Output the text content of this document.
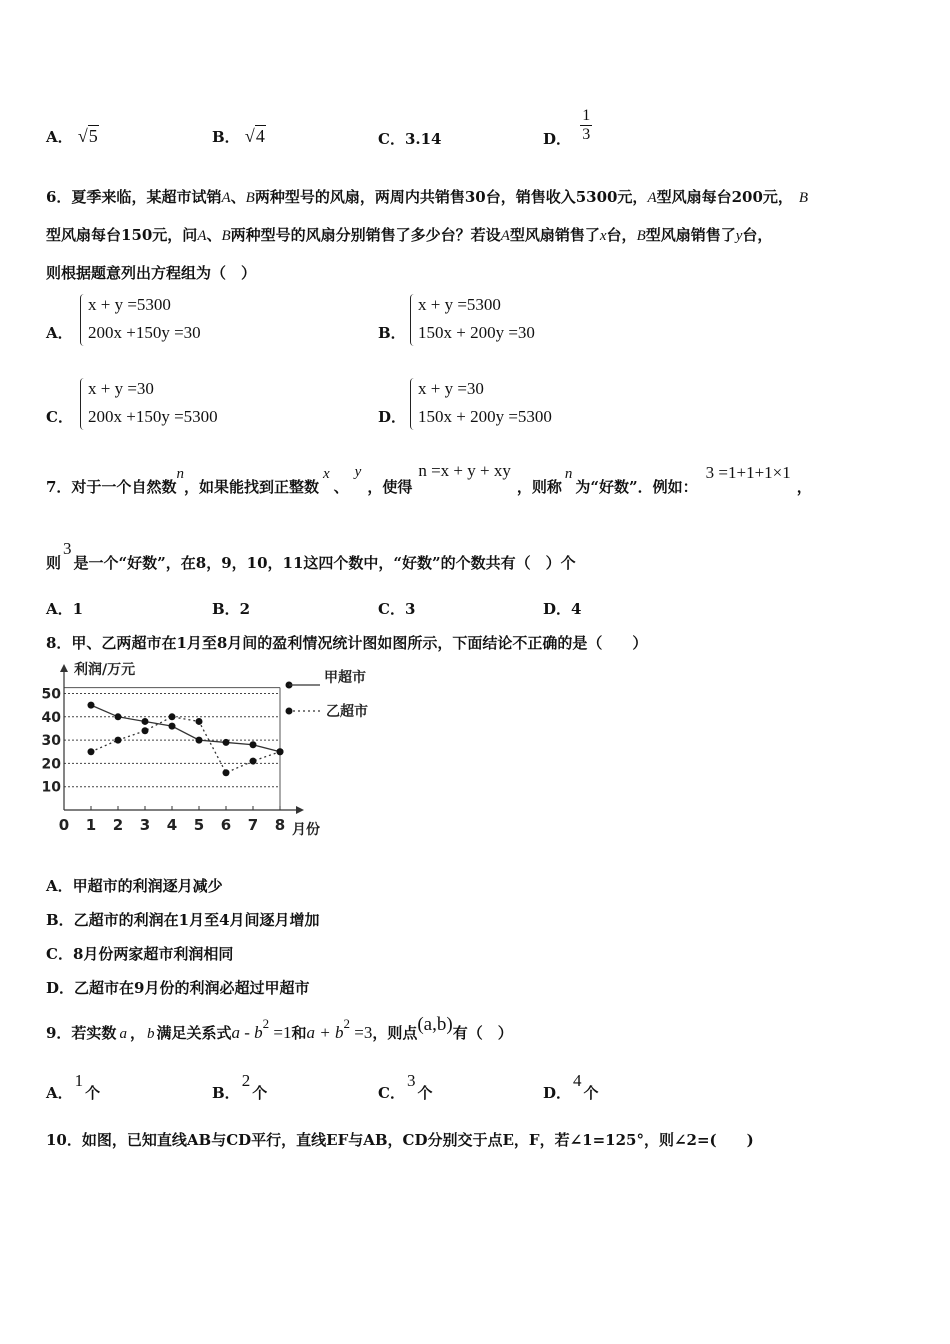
A． √5	B． √4	C．3.14	D． $\frac{1}{3}$
6．夏季来临，某超市试销A、B两种型号的风扇，两周内共销售30台，销售收入5300元，A型风扇每台200元， B
型风扇每台150元，问A、B两种型号的风扇分别销售了多少台？若设A型风扇销售了x台，B型风扇销售了y台，
则根据题意列出方程组为（　）
A．
x + y =5300
200x +150y =30	B．
x + y =5300
150x + 200y =30
C．
x + y =30
200x +150y =5300	D．
x + y =30
150x + 200y =5300
7．对于一个自然数n，如果能找到正整数x、y，使得n =x + y + xy，则称n为“好数”．例如：3 =1+1+1×1，
则3是一个“好数”，在8，9，10，11这四个数中，“好数”的个数共有（　）个
A．1	B．2	C．3	D．4
8．甲、乙两超市在1月至8月间的盈利情况统计图如图所示，下面结论不正确的是（　　）
利润/万元
月份
0 1 2 3 4 5 6 7 8
10
20
30
40
50
甲超市
乙超市
A．甲超市的利润逐月减少
B．乙超市的利润在1月至4月间逐月增加
C．8月份两家超市利润相同
D．乙超市在9月份的利润必超过甲超市
9．若实数 a ， b 满足关系式$a - b^2 =1$和$a + b^2 =3$，则点(a,b)有（　）
A．1个	B．2个	C．3个	D．4个
10．如图，已知直线AB与CD平行，直线EF与AB，CD分别交于点E，F，若∠1=125°，则∠2=(　　)
